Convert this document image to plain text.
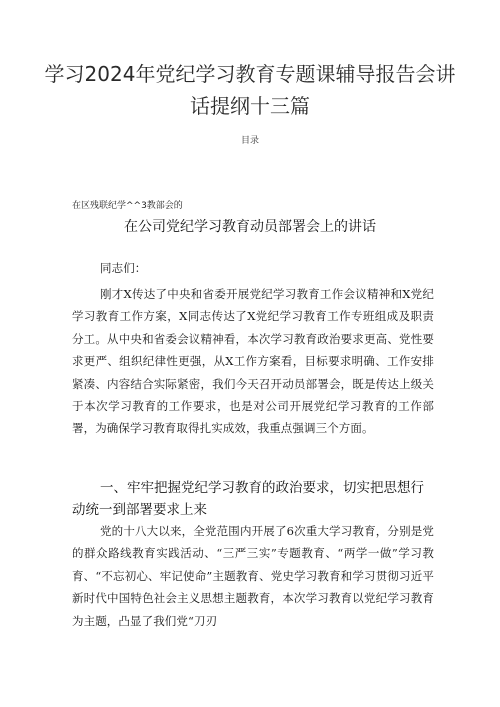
学习2024年党纪学习教育专题课辅导报告会讲话提纲十三篇
目录
在区残联纪学^^3教部会的
在公司党纪学习教育动员部署会上的讲话

同志们：

刚才X传达了中央和省委开展党纪学习教育工作会议精神和X党纪学习教育工作方案，X同志传达了X党纪学习教育工作专班组成及职责分工。从中央和省委会议精神看，本次学习教育政治要求更高、党性要求更严、组织纪律性更强，从X工作方案看，目标要求明确、工作安排紧凑、内容结合实际紧密，我们今天召开动员部署会，既是传达上级关于本次学习教育的工作要求，也是对公司开展党纪学习教育的工作部署，为确保学习教育取得扎实成效，我重点强调三个方面。

一、牢牢把握党纪学习教育的政治要求，切实把思想行动统一到部署要求上来

党的十八大以来，全党范围内开展了6次重大学习教育，分别是党的群众路线教育实践活动、“三严三实”专题教育、“两学一做”学习教育、“不忘初心、牢记使命”主题教育、党史学习教育和学习贯彻习近平新时代中国特色社会主义思想主题教育，本次学习教育以党纪学习教育为主题，凸显了我们党“刀刃
